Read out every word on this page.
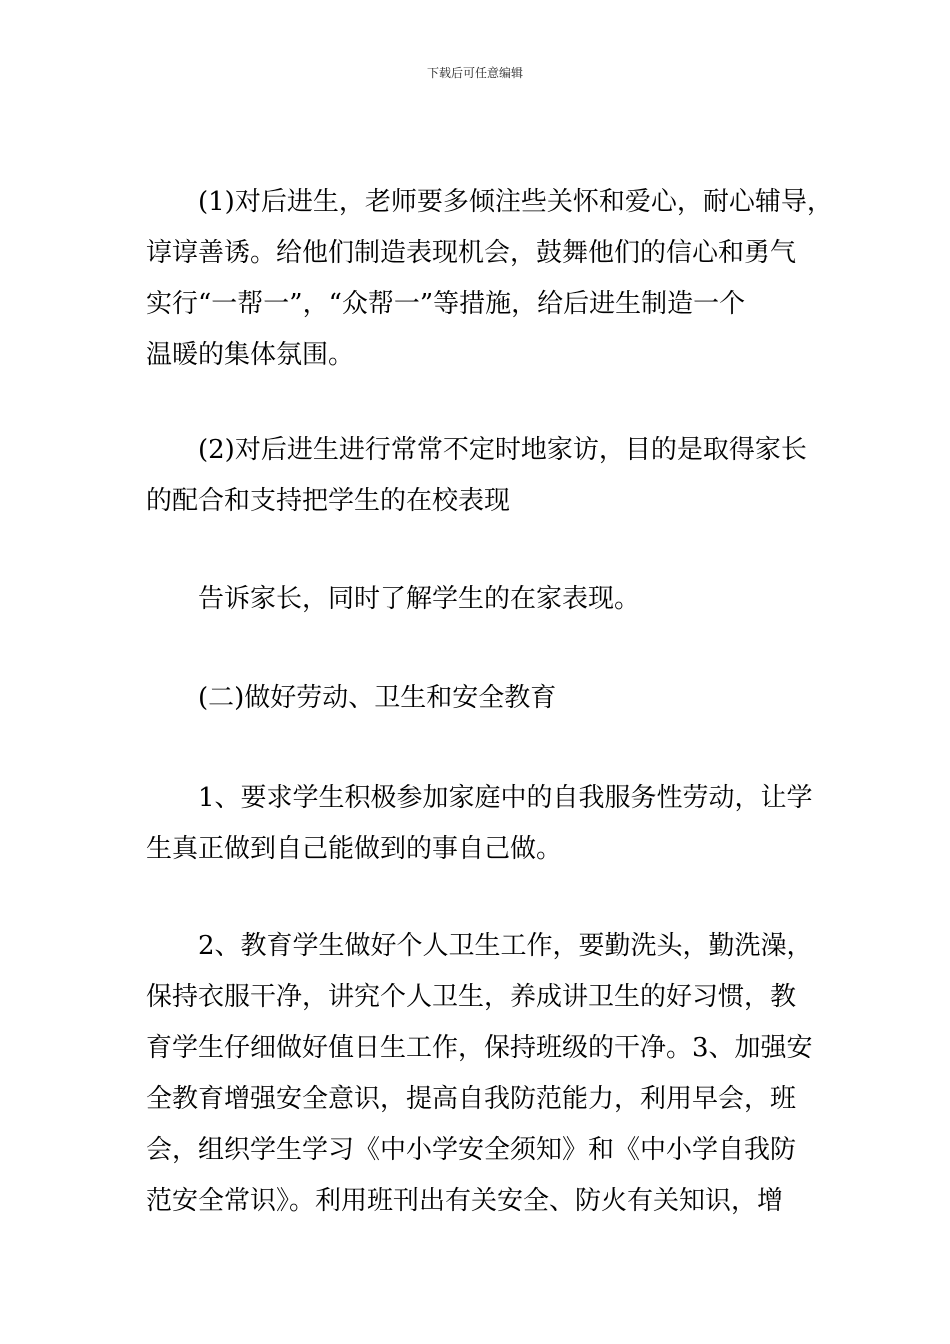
下载后可任意编辑
(1)对后进生，老师要多倾注些关怀和爱心，耐心辅导，
谆谆善诱。给他们制造表现机会，鼓舞他们的信心和勇气
实行“一帮一”，“众帮一”等措施，给后进生制造一个
温暖的集体氛围。
(2)对后进生进行常常不定时地家访，目的是取得家长
的配合和支持把学生的在校表现
告诉家长，同时了解学生的在家表现。
(二)做好劳动、卫生和安全教育
1、要求学生积极参加家庭中的自我服务性劳动，让学
生真正做到自己能做到的事自己做。
2、教育学生做好个人卫生工作，要勤洗头，勤洗澡，
保持衣服干净，讲究个人卫生，养成讲卫生的好习惯，教
育学生仔细做好值日生工作，保持班级的干净。3、加强安
全教育增强安全意识，提高自我防范能力，利用早会，班
会，组织学生学习《中小学安全须知》和《中小学自我防
范安全常识》。利用班刊出有关安全、防火有关知识，增
